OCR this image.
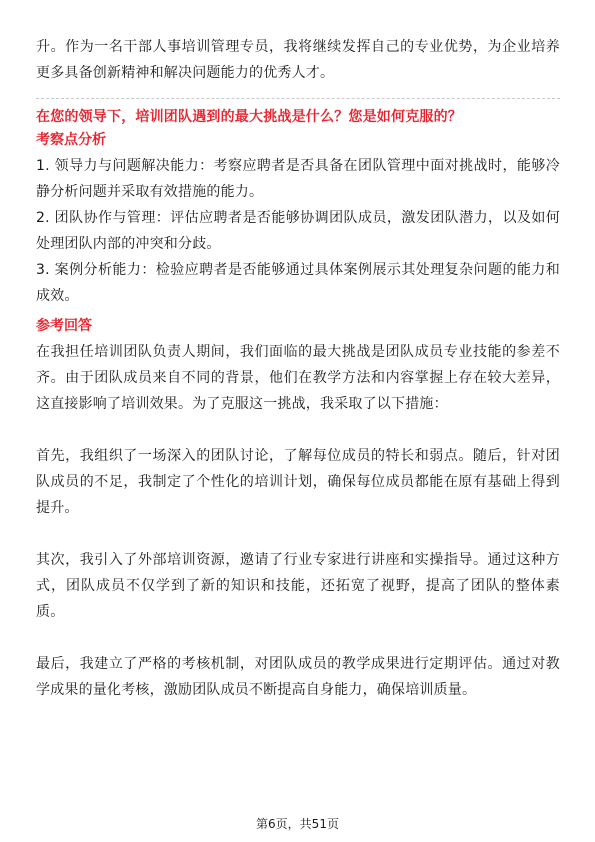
升。作为一名干部人事培训管理专员，我将继续发挥自己的专业优势，为企业培养更多具备创新精神和解决问题能力的优秀人才。

在您的领导下，培训团队遇到的最大挑战是什么？您是如何克服的？

考察点分析
1. 领导力与问题解决能力：考察应聘者是否具备在团队管理中面对挑战时，能够冷静分析问题并采取有效措施的能力。
2. 团队协作与管理：评估应聘者是否能够协调团队成员，激发团队潜力，以及如何处理团队内部的冲突和分歧。
3. 案例分析能力：检验应聘者是否能够通过具体案例展示其处理复杂问题的能力和成效。
参考回答

在我担任培训团队负责人期间，我们面临的最大挑战是团队成员专业技能的参差不齐。由于团队成员来自不同的背景，他们在教学方法和内容掌握上存在较大差异，这直接影响了培训效果。为了克服这一挑战，我采取了以下措施：

首先，我组织了一场深入的团队讨论，了解每位成员的特长和弱点。随后，针对团队成员的不足，我制定了个性化的培训计划，确保每位成员都能在原有基础上得到提升。

其次，我引入了外部培训资源，邀请了行业专家进行讲座和实操指导。通过这种方式，团队成员不仅学到了新的知识和技能，还拓宽了视野，提高了团队的整体素质。

最后，我建立了严格的考核机制，对团队成员的教学成果进行定期评估。通过对教学成果的量化考核，激励团队成员不断提高自身能力，确保培训质量。

第6页，共51页
